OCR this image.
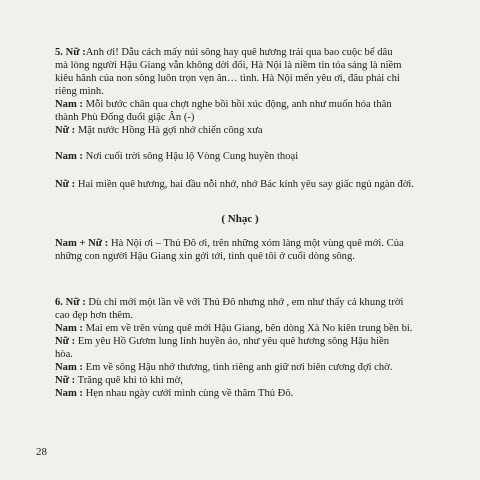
5. Nữ :Anh ơi! Dẫu cách mấy núi sông hay quê hương trải qua bao cuộc bể dâu
mà lòng người Hậu Giang vẫn không dời đổi, Hà Nội là niềm tin tỏa sáng là niềm
kiêu hãnh của non sông luôn trọn vẹn ân… tình. Hà Nội mến yêu ơi, đâu phải chỉ
riêng mình.
Nam : Mỗi bước chân qua chợt nghe bồi hồi xúc động, anh như muốn hóa thân
thành Phù Đổng đuổi giặc Ân (-)
Nữ : Mặt nước Hồng Hà gợi nhớ chiến công xưa
Nam : Nơi cuối trời sông Hậu lộ Vòng Cung huyền thoại
Nữ : Hai miền quê hương, hai đầu nỗi nhớ, nhớ Bác kính yêu say giấc ngủ ngàn đời.
( Nhạc )
Nam + Nữ : Hà Nội ơi – Thủ Đô ơi, trên những xóm làng một vùng quê mới. Của
những con người Hậu Giang xin gởi tới, tình quê tôi ở cuối dòng sông.
6. Nữ : Dù chỉ mới một lần về với Thủ Đô nhưng nhớ , em như thấy cả khung trời
cao đẹp hơn thêm.
Nam : Mai em về trên vùng quê mới Hậu Giang, bên dòng Xà No kiên trung bền bỉ.
Nữ : Em yêu Hồ Gươm lung linh huyền ảo, như yêu quê hương sông Hậu hiền
hòa.
Nam : Em về sông Hậu nhớ thương, tình riêng anh giữ nơi biên cương đợi chờ.
Nữ : Trăng quê khi tỏ khi mờ,
Nam : Hẹn nhau ngày cưới mình cùng về thăm Thủ Đô.
28
